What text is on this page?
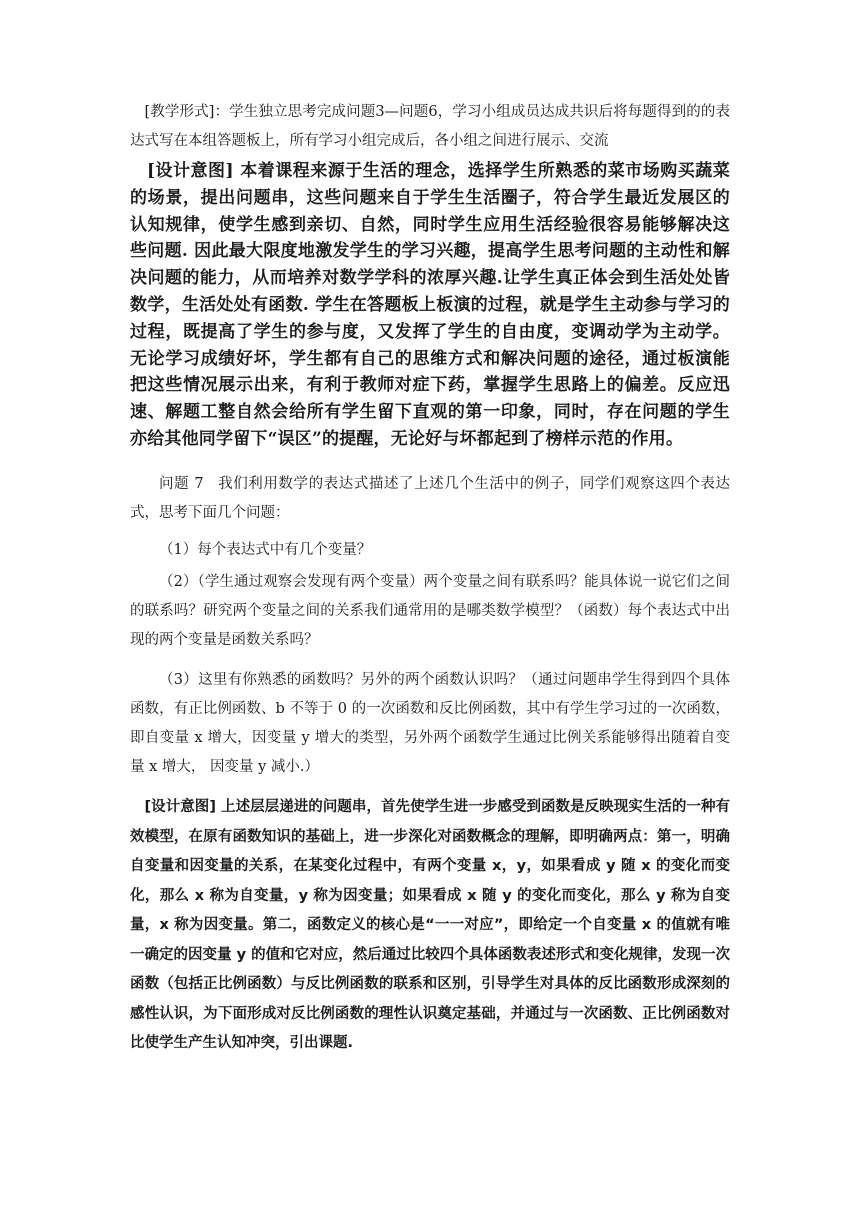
[教学形式]：学生独立思考完成问题3—问题6，学习小组成员达成共识后将每题得到的的表达式写在本组答题板上，所有学习小组完成后，各小组之间进行展示、交流

[设计意图] 本着课程来源于生活的理念，选择学生所熟悉的菜市场购买蔬菜的场景，提出问题串，这些问题来自于学生生活圈子，符合学生最近发展区的认知规律，使学生感到亲切、自然，同时学生应用生活经验很容易能够解决这些问题. 因此最大限度地激发学生的学习兴趣，提高学生思考问题的主动性和解决问题的能力，从而培养对数学学科的浓厚兴趣.让学生真正体会到生活处处皆数学，生活处处有函数. 学生在答题板上板演的过程，就是学生主动参与学习的过程，既提高了学生的参与度，又发挥了学生的自由度，变调动学为主动学。无论学习成绩好坏，学生都有自己的思维方式和解决问题的途径，通过板演能把这些情况展示出来，有利于教师对症下药，掌握学生思路上的偏差。反应迅速、解题工整自然会给所有学生留下直观的第一印象，同时，存在问题的学生亦给其他同学留下“误区”的提醒，无论好与坏都起到了榜样示范的作用。

问题 7 我们利用数学的表达式描述了上述几个生活中的例子，同学们观察这四个表达式，思考下面几个问题：

（1）每个表达式中有几个变量？

（2）（学生通过观察会发现有两个变量）两个变量之间有联系吗？能具体说一说它们之间的联系吗？研究两个变量之间的关系我们通常用的是哪类数学模型？（函数）每个表达式中出现的两个变量是函数关系吗？

（3）这里有你熟悉的函数吗？另外的两个函数认识吗？（通过问题串学生得到四个具体函数，有正比例函数、b 不等于 0 的一次函数和反比例函数，其中有学生学习过的一次函数，即自变量 x 增大，因变量 y 增大的类型，另外两个函数学生通过比例关系能够得出随着自变量 x 增大， 因变量 y 减小.）

[设计意图] 上述层层递进的问题串，首先使学生进一步感受到函数是反映现实生活的一种有效模型，在原有函数知识的基础上，进一步深化对函数概念的理解，即明确两点：第一，明确自变量和因变量的关系，在某变化过程中，有两个变量 x，y，如果看成 y 随 x 的变化而变化，那么 x 称为自变量，y 称为因变量；如果看成 x 随 y 的变化而变化，那么 y 称为自变量，x 称为因变量。第二，函数定义的核心是“一一对应”，即给定一个自变量 x 的值就有唯一确定的因变量 y 的值和它对应，然后通过比较四个具体函数表述形式和变化规律，发现一次函数（包括正比例函数）与反比例函数的联系和区别，引导学生对具体的反比函数形成深刻的感性认识，为下面形成对反比例函数的理性认识奠定基础，并通过与一次函数、正比例函数对比使学生产生认知冲突，引出课题.
